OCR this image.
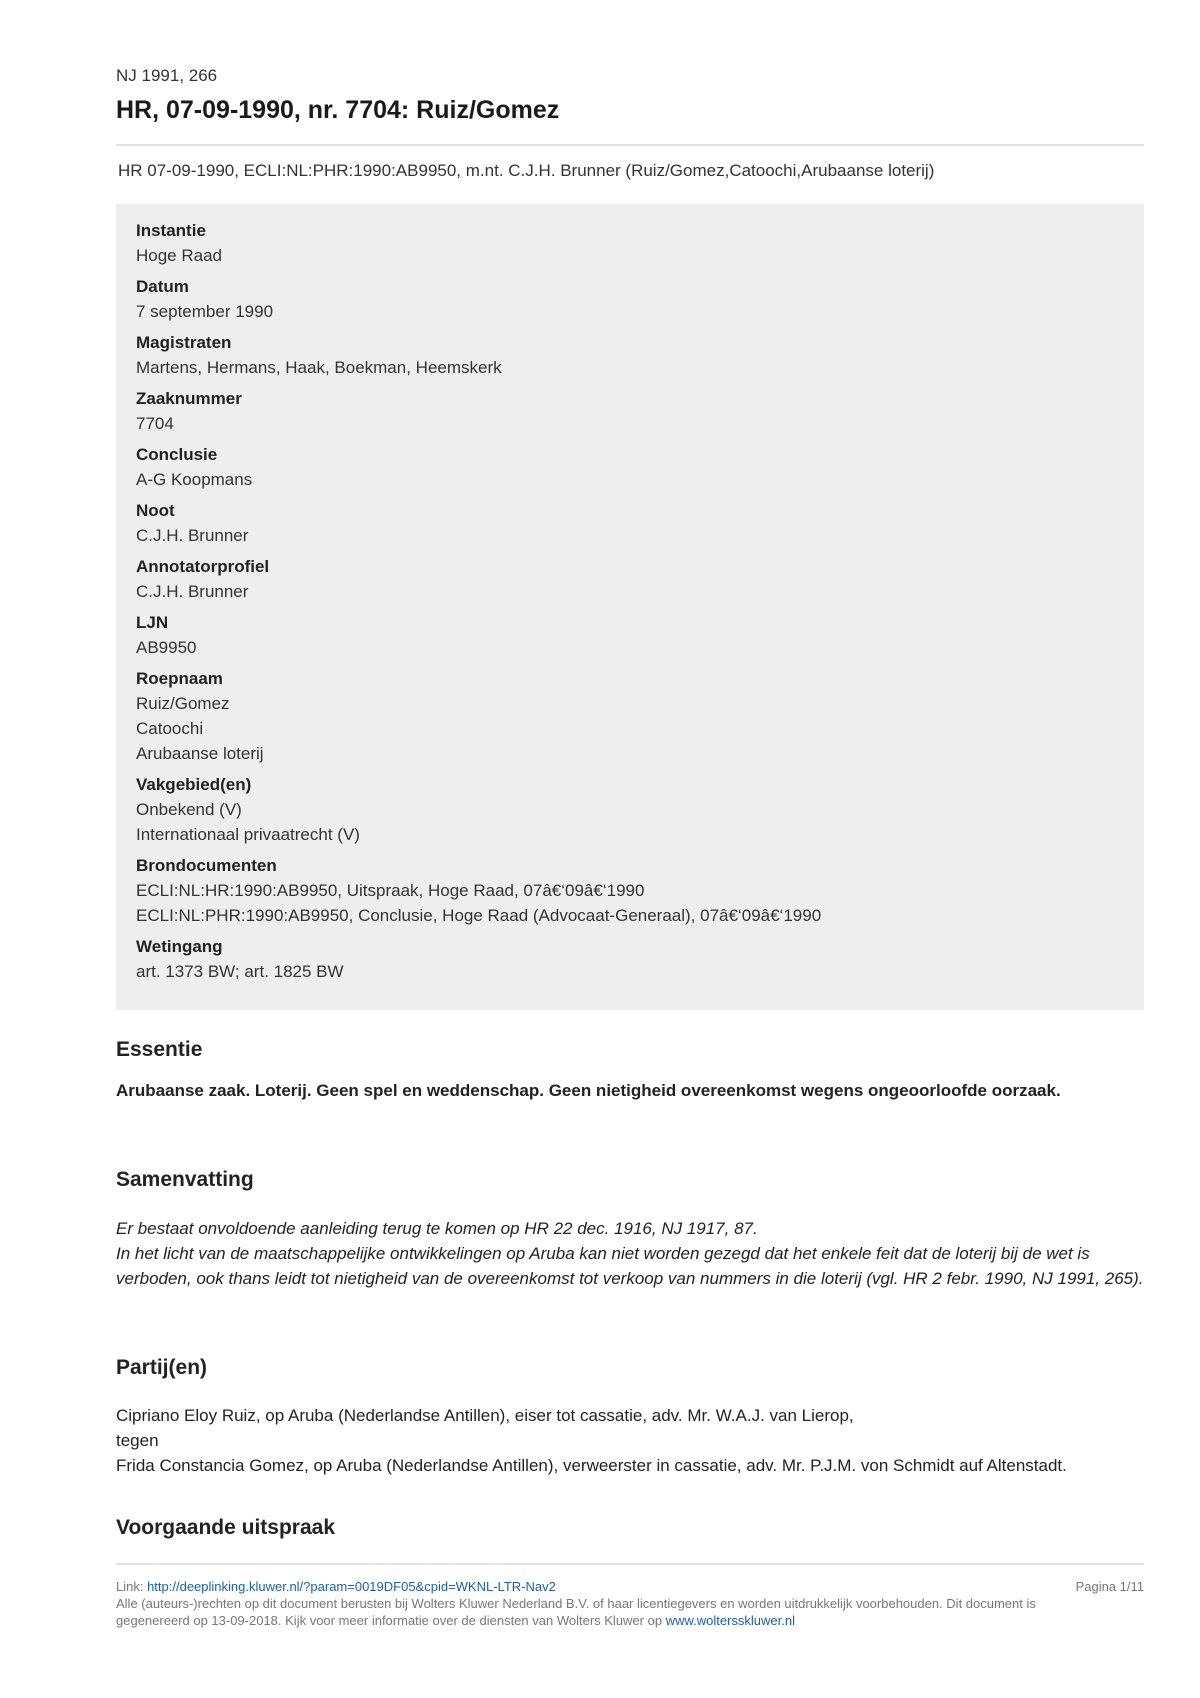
NJ 1991, 266
HR, 07-09-1990, nr. 7704: Ruiz/Gomez
HR 07-09-1990, ECLI:NL:PHR:1990:AB9950, m.nt. C.J.H. Brunner (Ruiz/Gomez,Catoochi,Arubaanse loterij)
Instantie
Hoge Raad
Datum
7 september 1990
Magistraten
Martens, Hermans, Haak, Boekman, Heemskerk
Zaaknummer
7704
Conclusie
A-G Koopmans
Noot
C.J.H. Brunner
Annotatorprofiel
C.J.H. Brunner
LJN
AB9950
Roepnaam
Ruiz/Gomez
Catoochi
Arubaanse loterij
Vakgebied(en)
Onbekend (V)
Internationaal privaatrecht (V)
Brondocumenten
ECLI:NL:HR:1990:AB9950, Uitspraak, Hoge Raad, 07â€‘09â€‘1990
ECLI:NL:PHR:1990:AB9950, Conclusie, Hoge Raad (Advocaat-Generaal), 07â€‘09â€‘1990
Wetingang
art. 1373 BW; art. 1825 BW
Essentie

Arubaanse zaak. Loterij. Geen spel en weddenschap. Geen nietigheid overeenkomst wegens ongeoorloofde oorzaak.

Samenvatting

Er bestaat onvoldoende aanleiding terug te komen op HR 22 dec. 1916, NJ 1917, 87.

In het licht van de maatschappelijke ontwikkelingen op Aruba kan niet worden gezegd dat het enkele feit dat de loterij bij de wet is verboden, ook thans leidt tot nietigheid van de overeenkomst tot verkoop van nummers in die loterij (vgl. HR 2 febr. 1990, NJ 1991, 265).

Partij(en)

Cipriano Eloy Ruiz, op Aruba (Nederlandse Antillen), eiser tot cassatie, adv. Mr. W.A.J. van Lierop,

tegen

Frida Constancia Gomez, op Aruba (Nederlandse Antillen), verweerster in cassatie, adv. Mr. P.J.M. von Schmidt auf Altenstadt.

Voorgaande uitspraak
Link: http://deeplinking.kluwer.nl/?param=0019DF05&cpid=WKNL-LTR-Nav2
Alle (auteurs-)rechten op dit document berusten bij Wolters Kluwer Nederland B.V. of haar licentiegevers en worden uitdrukkelijk voorbehouden. Dit document is gegenereerd op 13-09-2018. Kijk voor meer informatie over de diensten van Wolters Kluwer op www.woltersskluwer.nl
Pagina 1/11
